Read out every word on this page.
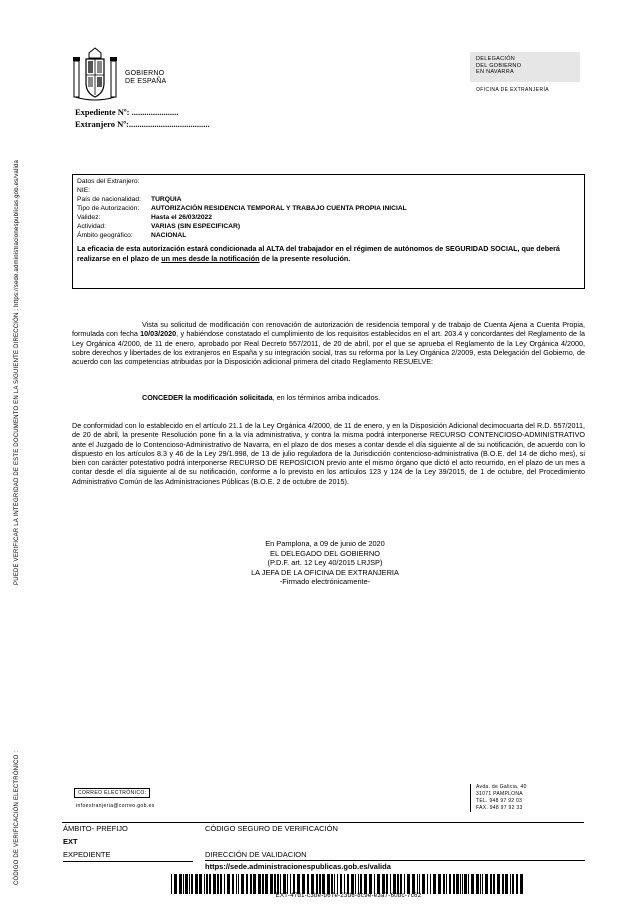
PUEDE VERIFICAR LA INTEGRIDAD DE ESTE DOCUMENTO EN LA SIGUIENTE DIRECCIÓN : https://sede.administracionespublicas.gob.es/valida
CÓDIGO DE VERIFICACIÓN ELECTRÓNICO :
GOBIERNO
DE ESPAÑA
DELEGACIÓN
DEL GOBIERNO
EN NAVARRA
OFICINA DE EXTRANJERÍA
Expediente Nº: ......................
Extranjero Nº:......................................
Datos del Extranjero:
NIE:
País de nacionalidad:	TURQUIA
Tipo de Autorización:	AUTORIZACIÓN RESIDENCIA TEMPORAL Y TRABAJO CUENTA PROPIA INICIAL
Validez:	Hasta el 26/03/2022
Actividad:	VARIAS (SIN ESPECIFICAR)
Ámbito geográfico:	NACIONAL
La eficacia de esta autorización estará condicionada al ALTA del trabajador en el régimen de autónomos de SEGURIDAD SOCIAL, que deberá realizarse en el plazo de un mes desde la notificación de la presente resolución.
Vista su solicitud de modificación con renovación de autorización de residencia temporal y de trabajo de Cuenta Ajena a Cuenta Propia, formulada con fecha 10/03/2020, y habiéndose constatado el cumplimiento de los requisitos establecidos en el art. 203.4 y concordantes del Reglamento de la Ley Orgánica 4/2000, de 11 de enero, aprobado por Real Decreto 557/2011, de 20 de abril, por el que se aprueba el Reglamento de la Ley Orgánica 4/2000, sobre derechos y libertades de los extranjeros en España y su integración social, tras su reforma por la Ley Orgánica 2/2009, esta Delegación del Gobierno, de acuerdo con las competencias atribuidas por la Disposición adicional primera del citado Reglamento RESUELVE:
CONCEDER la modificación solicitada, en los términos arriba indicados.
De conformidad con lo establecido en el artículo 21.1 de la Ley Orgánica 4/2000, de 11 de enero, y en la Disposición Adicional decimocuarta del R.D. 557/2011, de 20 de abril, la presente Resolución pone fin a la vía administrativa, y contra la misma podrá interponerse RECURSO CONTENCIOSO-ADMINISTRATIVO ante el Juzgado de lo Contencioso-Administrativo de Navarra, en el plazo de dos meses a contar desde el día siguiente al de su notificación, de acuerdo con lo dispuesto en los artículos 8.3 y 46 de la Ley 29/1.998, de 13 de julio reguladora de la Jurisdicción contencioso-administrativa (B.O.E. del 14 de dicho mes), si bien con carácter potestativo podrá interponerse RECURSO DE REPOSICION previo ante el mismo órgano que dictó el acto recurrido, en el plazo de un mes a contar desde el día siguiente al de su notificación, conforme a lo previsto en los artículos 123 y 124 de la Ley 39/2015, de 1 de octubre, del Procedimiento Administrativo Común de las Administraciones Públicas (B.O.E. 2 de octubre de 2015).
En Pamplona, a 09 de junio de 2020
EL DELEGADO DEL GOBIERNO
(P.D.F. art. 12 Ley 40/2015 LRJSP)
LA JEFA DE LA OFICINA DE EXTRANJERIA
-Firmado electrónicamente-
CORREO ELECTRÓNICO:
infoextranjeria@correo.gob.es
Avda. de Galicia, 40
31071 PAMPLONA
TEL. 948 97 92 03
FAX. 948 97 92 33
ÁMBITO- PREFIJO
EXT
EXPEDIENTE
CÓDIGO SEGURO DE VERIFICACIÓN
DIRECCIÓN DE VALIDACION
https://sede.administracionespublicas.gob.es/valida
EXT-47d1-c3be-b67e-23d6-8c9e-e3a7-60bc-7c62
